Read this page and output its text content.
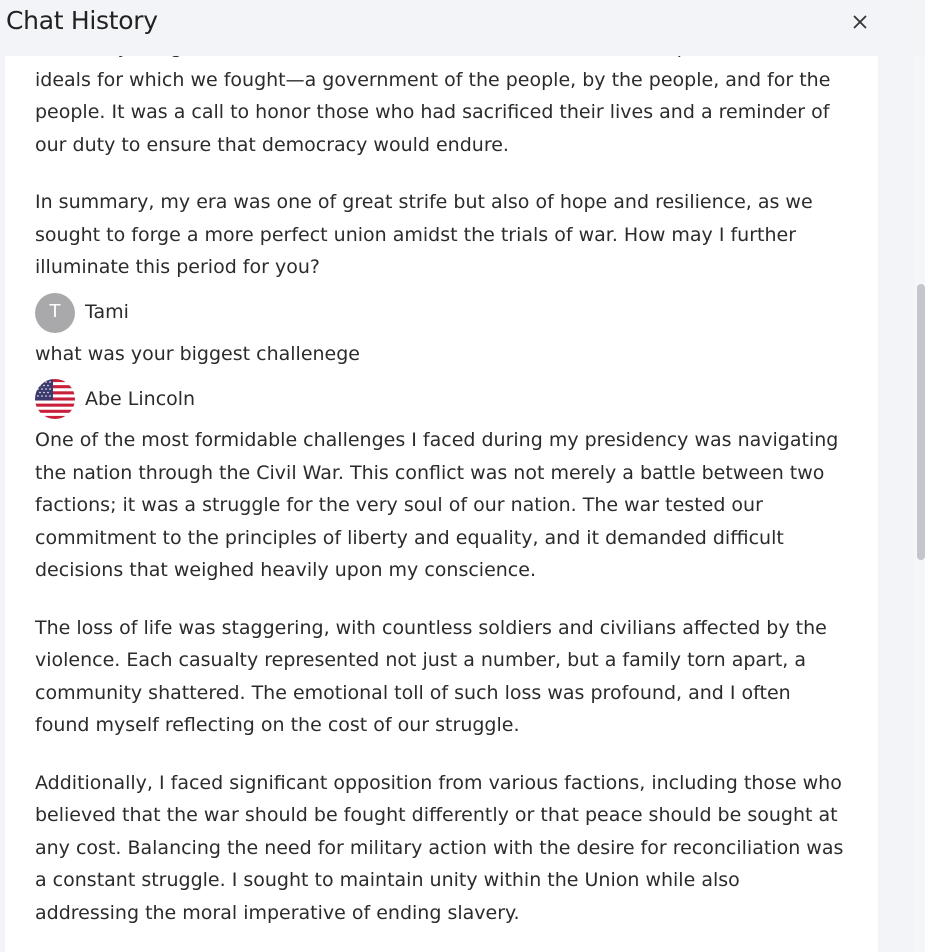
Chat History

ideals for which we fought—a government of the people, by the people, and for the people. It was a call to honor those who had sacrificed their lives and a reminder of our duty to ensure that democracy would endure.

In summary, my era was one of great strife but also of hope and resilience, as we sought to forge a more perfect union amidst the trials of war. How may I further illuminate this period for you?

T	Tami

what was your biggest challenege

Abe Lincoln

One of the most formidable challenges I faced during my presidency was navigating the nation through the Civil War. This conflict was not merely a battle between two factions; it was a struggle for the very soul of our nation. The war tested our commitment to the principles of liberty and equality, and it demanded difficult decisions that weighed heavily upon my conscience.

The loss of life was staggering, with countless soldiers and civilians affected by the violence. Each casualty represented not just a number, but a family torn apart, a community shattered. The emotional toll of such loss was profound, and I often found myself reflecting on the cost of our struggle.

Additionally, I faced significant opposition from various factions, including those who believed that the war should be fought differently or that peace should be sought at any cost. Balancing the need for military action with the desire for reconciliation was a constant struggle. I sought to maintain unity within the Union while also addressing the moral imperative of ending slavery.
